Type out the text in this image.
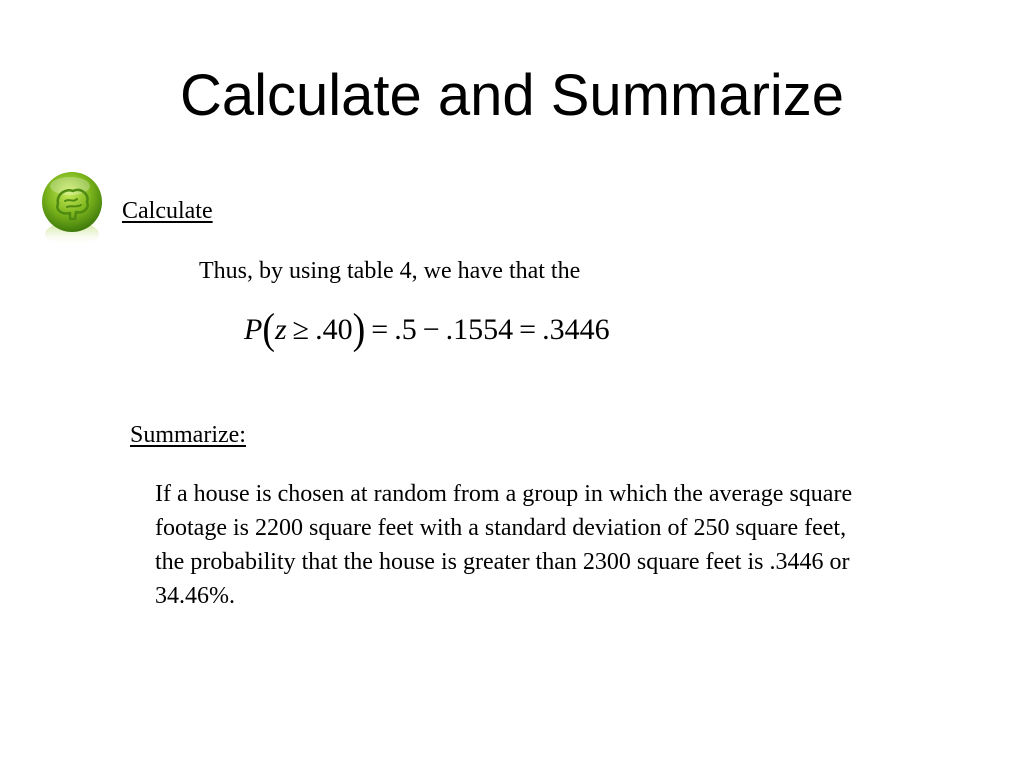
Calculate and Summarize
Calculate
Thus, by using table 4, we have that the
P(z ≥ .40) = .5 − .1554 = .3446
Summarize:
If a house is chosen at random from a group in which the average square footage is 2200 square feet with a standard deviation of 250 square feet, the probability that the house is greater than 2300 square feet is .3446 or 34.46%.
